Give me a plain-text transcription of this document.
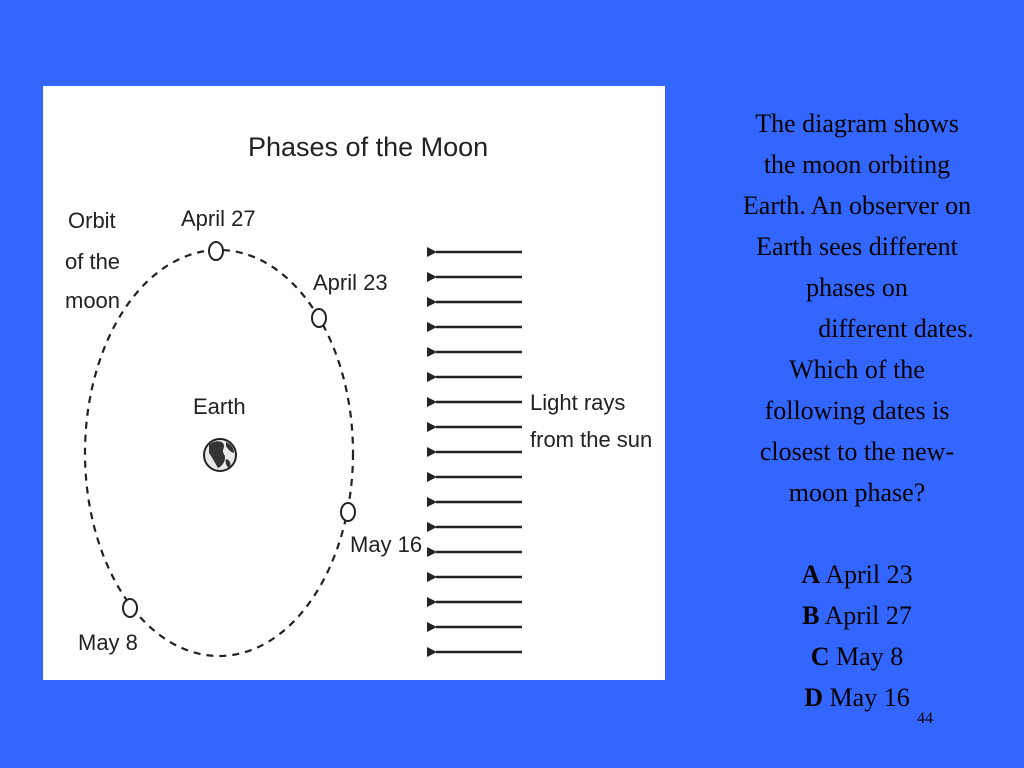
Phases of the Moon
Orbit of the moon
April 27
April 23
May 16
May 8
Earth	Light rays from the sun
The diagram shows
the moon orbiting
Earth. An observer on
Earth sees different
phases on
different dates.
Which of the
following dates is
closest to the new-
moon phase?
A April 23
B April 27
C May 8
D May 16
44
